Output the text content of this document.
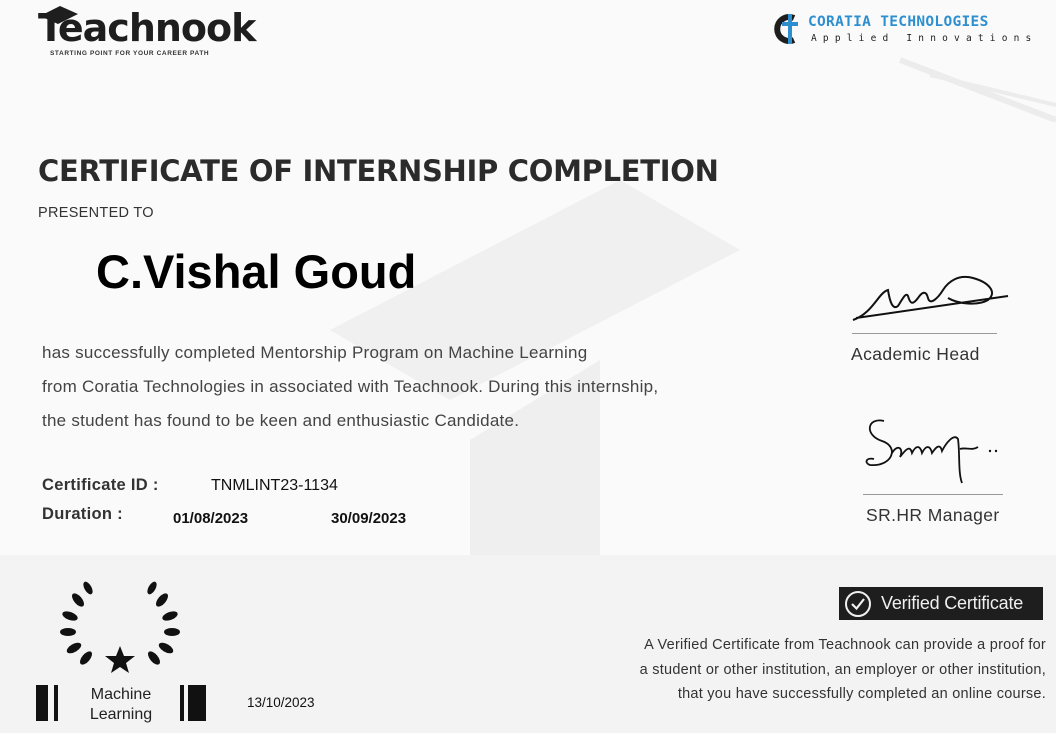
Teachnook
STARTING POINT FOR YOUR CAREER PATH
CORATIA TECHNOLOGIES
Applied Innovations
CERTIFICATE OF INTERNSHIP COMPLETION
PRESENTED TO
C.Vishal Goud
has successfully completed Mentorship Program on Machine Learning
from Coratia Technologies in associated with Teachnook. During this internship,
the student has found to be keen and enthusiastic Candidate.
Certificate ID :	TNMLINT23-1134
Duration :	01/08/2023	30/09/2023
Academic Head
SR.HR Manager
Machine
Learning
13/10/2023
Verified Certificate
A Verified Certificate from Teachnook can provide a proof for
a student or other institution, an employer or other institution,
that you have successfully completed an online course.
